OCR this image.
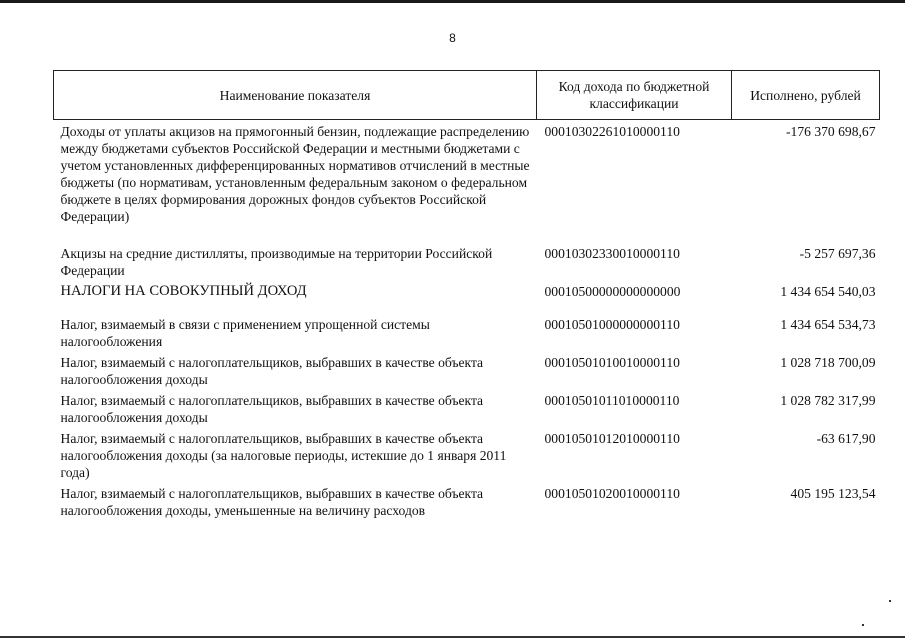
8
Наименование показателя	Код дохода по бюджетной классификации	Исполнено, рублей
Доходы от уплаты акцизов на прямогонный бензин, подлежащие распределению между бюджетами субъектов Российской Федерации и местными бюджетами с учетом установленных дифференцированных нормативов отчислений в местные бюджеты (по нормативам, установленным федеральным законом о федеральном бюджете в целях формирования дорожных фондов субъектов Российской Федерации)	00010302261010000110	-176 370 698,67

Акцизы на средние дистилляты, производимые на территории Российской Федерации	00010302330010000110	-5 257 697,36
НАЛОГИ НА СОВОКУПНЫЙ ДОХОД	00010500000000000000	1 434 654 540,03
Налог, взимаемый в связи с применением упрощенной системы налогообложения	00010501000000000110	1 434 654 534,73
Налог, взимаемый с налогоплательщиков, выбравших в качестве объекта налогообложения доходы	00010501010010000110	1 028 718 700,09
Налог, взимаемый с налогоплательщиков, выбравших в качестве объекта налогообложения доходы	00010501011010000110	1 028 782 317,99
Налог, взимаемый с налогоплательщиков, выбравших в качестве объекта налогообложения доходы (за налоговые периоды, истекшие до 1 января 2011 года)	00010501012010000110	-63 617,90
Налог, взимаемый с налогоплательщиков, выбравших в качестве объекта налогообложения доходы, уменьшенные на величину расходов	00010501020010000110	405 195 123,54
